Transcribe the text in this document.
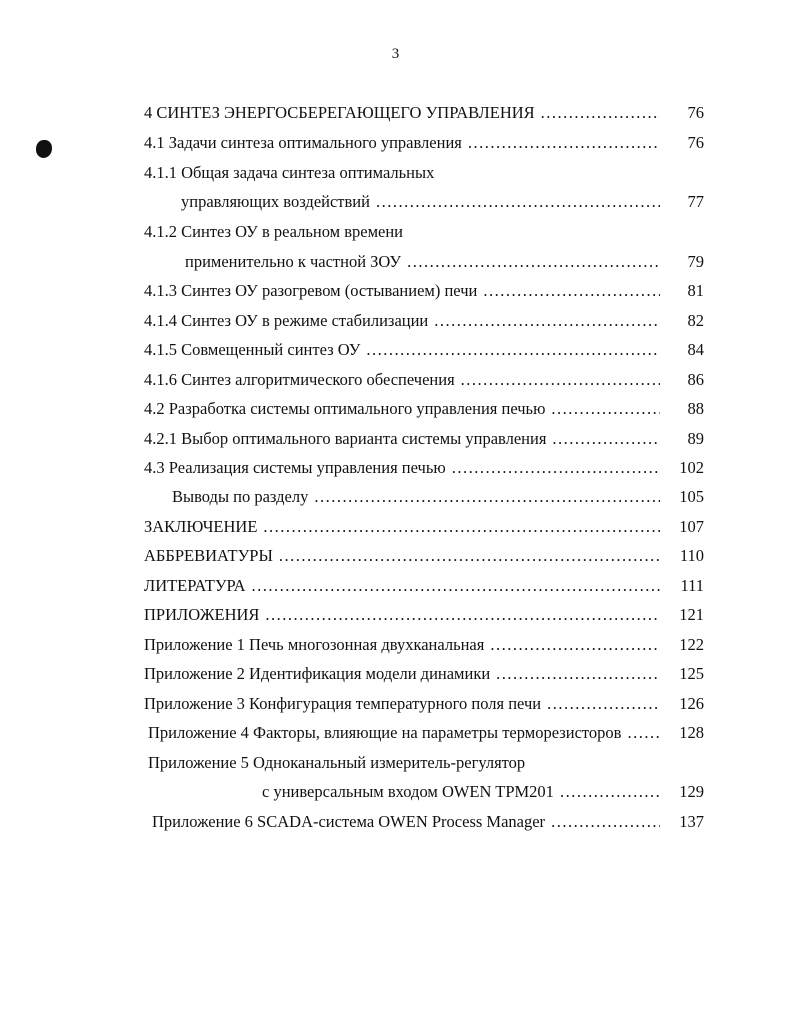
3
4 СИНТЕЗ ЭНЕРГОСБЕРЕГАЮЩЕГО УПРАВЛЕНИЯ .....	76
4.1 Задачи синтеза оптимального управления .....	76
4.1.1 Общая задача синтеза оптимальных
управляющих воздействий .....	77
4.1.2 Синтез ОУ в реальном времени
применительно к частной ЗОУ .....	79
4.1.3 Синтез ОУ разогревом (остыванием) печи .....	81
4.1.4 Синтез ОУ в режиме стабилизации .....	82
4.1.5 Совмещенный синтез ОУ .....	84
4.1.6 Синтез алгоритмического обеспечения .....	86
4.2 Разработка системы оптимального управления печью .....	88
4.2.1 Выбор оптимального варианта системы управления .....	89
4.3 Реализация системы управления печью .....	102
Выводы по разделу .....	105
ЗАКЛЮЧЕНИЕ .....	107
АББРЕВИАТУРЫ .....	110
ЛИТЕРАТУРА .....	111
ПРИЛОЖЕНИЯ .....	121
Приложение 1 Печь многозонная двухканальная .....	122
Приложение 2 Идентификация модели динамики .....	125
Приложение 3 Конфигурация температурного поля печи .....	126
Приложение 4 Факторы, влияющие на параметры терморезисторов .....	128
Приложение 5 Одноканальный измеритель-регулятор
с универсальным входом OWEN TPM201 .....	129
Приложение 6 SCADA-система OWEN Process Manager .....	137
